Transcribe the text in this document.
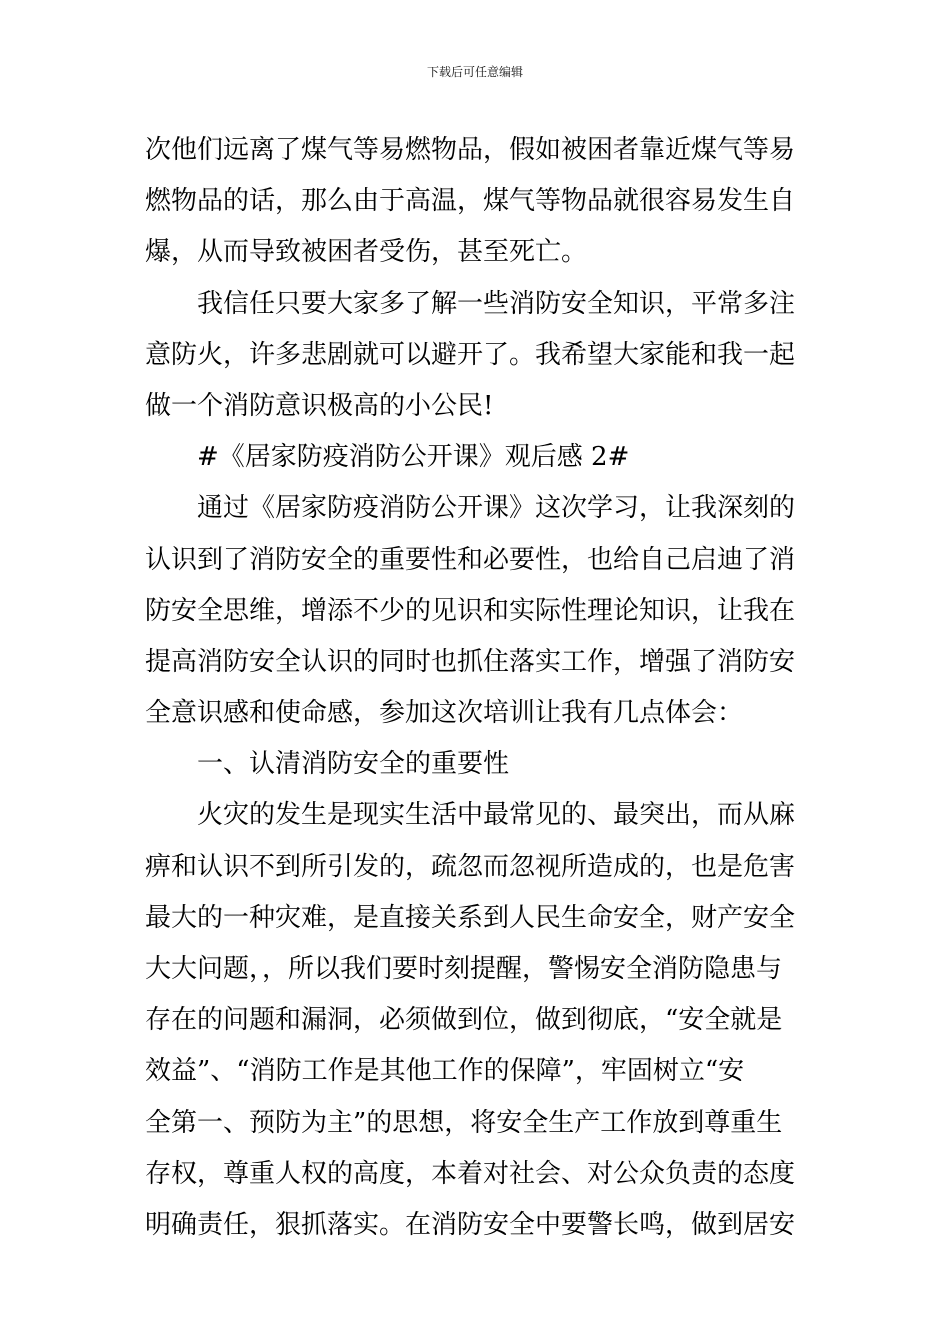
下载后可任意编辑
次他们远离了煤气等易燃物品，假如被困者靠近煤气等易
燃物品的话，那么由于高温，煤气等物品就很容易发生自
爆，从而导致被困者受伤，甚至死亡。
我信任只要大家多了解一些消防安全知识，平常多注
意防火，许多悲剧就可以避开了。我希望大家能和我一起
做一个消防意识极高的小公民!
#《居家防疫消防公开课》观后感 2#
通过《居家防疫消防公开课》这次学习，让我深刻的
认识到了消防安全的重要性和必要性，也给自己启迪了消
防安全思维，增添不少的见识和实际性理论知识，让我在
提高消防安全认识的同时也抓住落实工作，增强了消防安
全意识感和使命感，参加这次培训让我有几点体会：
一、认清消防安全的重要性
火灾的发生是现实生活中最常见的、最突出，而从麻
痹和认识不到所引发的，疏忽而忽视所造成的，也是危害
最大的一种灾难，是直接关系到人民生命安全，财产安全
大大问题，，所以我们要时刻提醒，警惕安全消防隐患与
存在的问题和漏洞，必须做到位，做到彻底，“安全就是
效益”、“消防工作是其他工作的保障”，牢固树立“安
全第一、预防为主”的思想，将安全生产工作放到尊重生
存权，尊重人权的高度，本着对社会、对公众负责的态度
明确责任，狠抓落实。在消防安全中要警长鸣，做到居安
